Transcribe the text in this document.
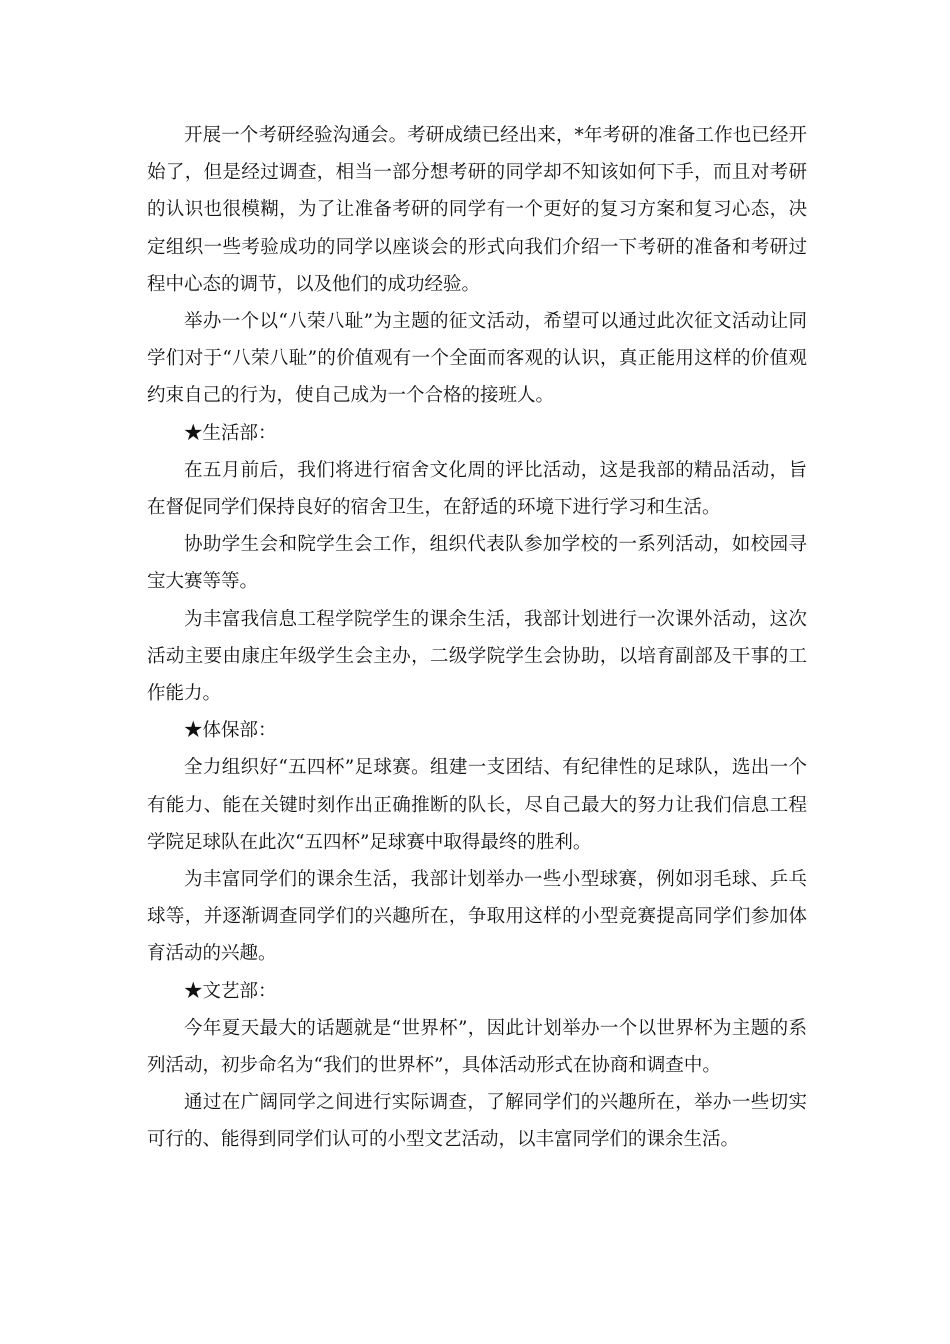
开展一个考研经验沟通会。考研成绩已经出来，*年考研的准备工作也已经开始了，但是经过调查，相当一部分想考研的同学却不知该如何下手，而且对考研的认识也很模糊，为了让准备考研的同学有一个更好的复习方案和复习心态，决定组织一些考验成功的同学以座谈会的形式向我们介绍一下考研的准备和考研过程中心态的调节，以及他们的成功经验。

举办一个以“八荣八耻”为主题的征文活动，希望可以通过此次征文活动让同学们对于“八荣八耻”的价值观有一个全面而客观的认识，真正能用这样的价值观约束自己的行为，使自己成为一个合格的接班人。

★生活部：

在五月前后，我们将进行宿舍文化周的评比活动，这是我部的精品活动，旨在督促同学们保持良好的宿舍卫生，在舒适的环境下进行学习和生活。

协助学生会和院学生会工作，组织代表队参加学校的一系列活动，如校园寻宝大赛等等。

为丰富我信息工程学院学生的课余生活，我部计划进行一次课外活动，这次活动主要由康庄年级学生会主办，二级学院学生会协助，以培育副部及干事的工作能力。

★体保部：

全力组织好“五四杯”足球赛。组建一支团结、有纪律性的足球队，选出一个有能力、能在关键时刻作出正确推断的队长，尽自己最大的努力让我们信息工程学院足球队在此次“五四杯”足球赛中取得最终的胜利。

为丰富同学们的课余生活，我部计划举办一些小型球赛，例如羽毛球、乒乓球等，并逐渐调查同学们的兴趣所在，争取用这样的小型竞赛提高同学们参加体育活动的兴趣。

★文艺部：

今年夏天最大的话题就是“世界杯”，因此计划举办一个以世界杯为主题的系列活动，初步命名为“我们的世界杯”，具体活动形式在协商和调查中。

通过在广阔同学之间进行实际调查，了解同学们的兴趣所在，举办一些切实可行的、能得到同学们认可的小型文艺活动，以丰富同学们的课余生活。
